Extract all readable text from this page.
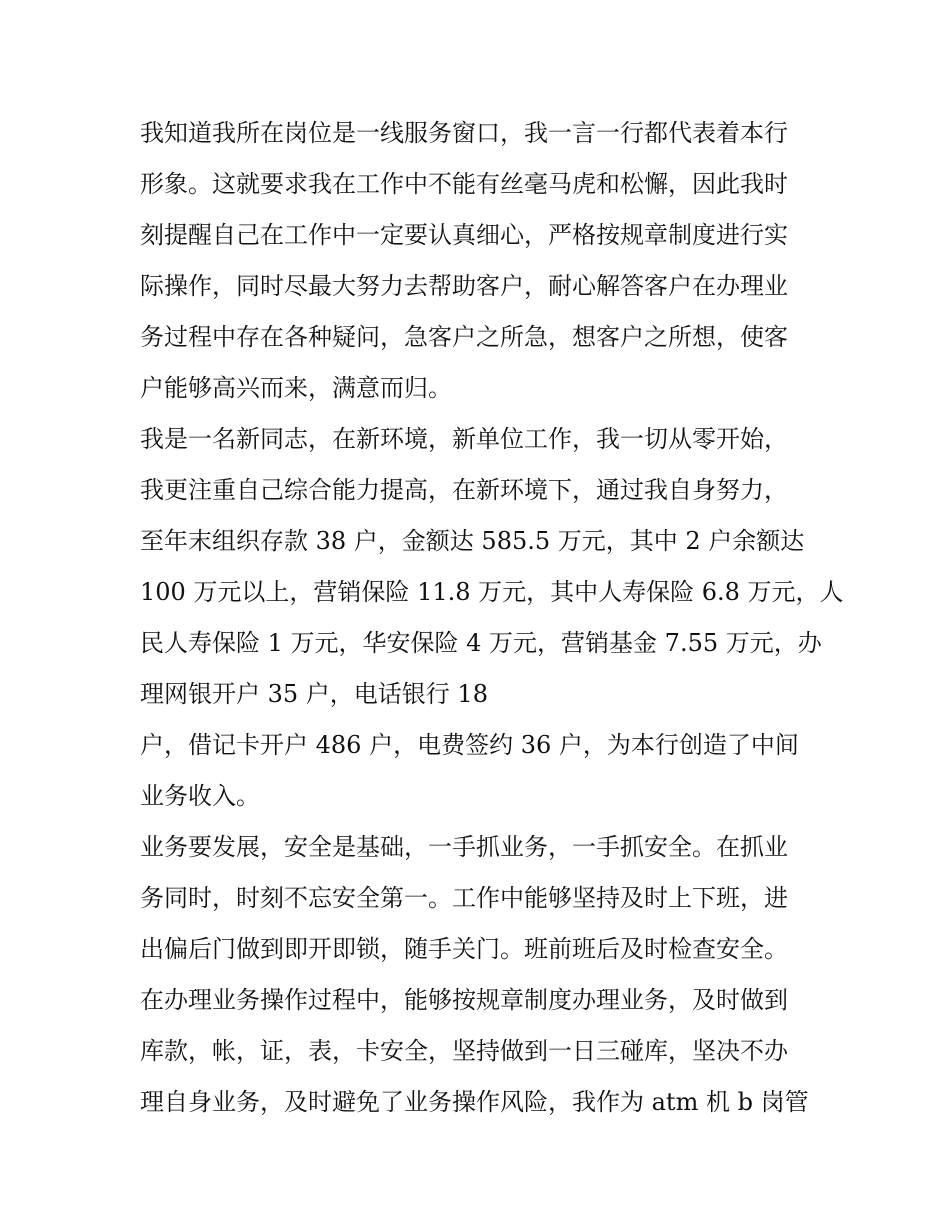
我知道我所在岗位是一线服务窗口，我一言一行都代表着本行
形象。这就要求我在工作中不能有丝毫马虎和松懈，因此我时
刻提醒自己在工作中一定要认真细心，严格按规章制度进行实
际操作，同时尽最大努力去帮助客户，耐心解答客户在办理业
务过程中存在各种疑问，急客户之所急，想客户之所想，使客
户能够高兴而来，满意而归。
我是一名新同志，在新环境，新单位工作，我一切从零开始，
我更注重自己综合能力提高，在新环境下，通过我自身努力，
至年末组织存款 38 户，金额达 585.5 万元，其中 2 户余额达
100 万元以上，营销保险 11.8 万元，其中人寿保险 6.8 万元，人
民人寿保险 1 万元，华安保险 4 万元，营销基金 7.55 万元，办
理网银开户 35 户，电话银行 18
户，借记卡开户 486 户，电费签约 36 户，为本行创造了中间
业务收入。
业务要发展，安全是基础，一手抓业务，一手抓安全。在抓业
务同时，时刻不忘安全第一。工作中能够坚持及时上下班，进
出偏后门做到即开即锁，随手关门。班前班后及时检查安全。
在办理业务操作过程中，能够按规章制度办理业务，及时做到
库款，帐，证，表，卡安全，坚持做到一日三碰库，坚决不办
理自身业务，及时避免了业务操作风险，我作为 atm 机 b 岗管
